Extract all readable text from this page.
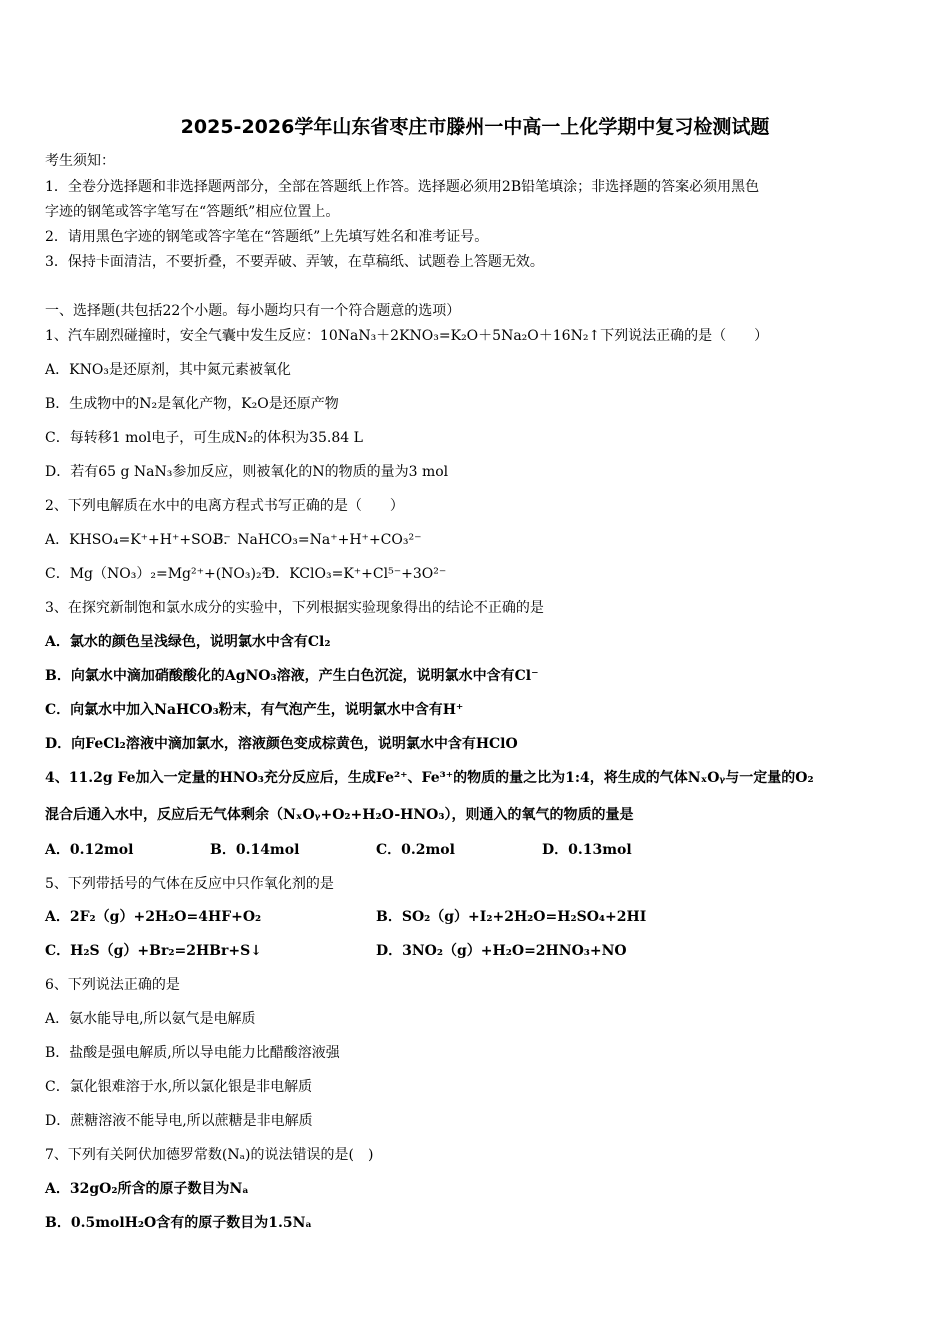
2025-2026学年山东省枣庄市滕州一中高一上化学期中复习检测试题
考生须知：
1．全卷分选择题和非选择题两部分，全部在答题纸上作答。选择题必须用2B铅笔填涂；非选择题的答案必须用黑色
字迹的钢笔或答字笔写在“答题纸”相应位置上。
2．请用黑色字迹的钢笔或答字笔在“答题纸”上先填写姓名和准考证号。
3．保持卡面清洁，不要折叠，不要弄破、弄皱，在草稿纸、试题卷上答题无效。
一、选择题(共包括22个小题。每小题均只有一个符合题意的选项）
1、汽车剧烈碰撞时，安全气囊中发生反应：10NaN₃＋2KNO₃=K₂O＋5Na₂O＋16N₂↑下列说法正确的是（　　）
A．KNO₃是还原剂，其中氮元素被氧化
B．生成物中的N₂是氧化产物，K₂O是还原产物
C．每转移1 mol电子，可生成N₂的体积为35.84 L
D．若有65 g NaN₃参加反应，则被氧化的N的物质的量为3 mol
2、下列电解质在水中的电离方程式书写正确的是（　　）
A．KHSO₄=K⁺+H⁺+SO₄²⁻
B．NaHCO₃=Na⁺+H⁺+CO₃²⁻
C．Mg（NO₃）₂=Mg²⁺+(NO₃)₂²⁻
D．KClO₃=K⁺+Cl⁵⁻+3O²⁻
3、在探究新制饱和氯水成分的实验中，下列根据实验现象得出的结论不正确的是
A．氯水的颜色呈浅绿色，说明氯水中含有Cl₂
B．向氯水中滴加硝酸酸化的AgNO₃溶液，产生白色沉淀，说明氯水中含有Cl⁻
C．向氯水中加入NaHCO₃粉末，有气泡产生，说明氯水中含有H⁺
D．向FeCl₂溶液中滴加氯水，溶液颜色变成棕黄色，说明氯水中含有HClO
4、11.2g Fe加入一定量的HNO₃充分反应后，生成Fe²⁺、Fe³⁺的物质的量之比为1:4，将生成的气体NₓOᵧ与一定量的O₂
混合后通入水中，反应后无气体剩余（NₓOᵧ+O₂+H₂O-HNO₃），则通入的氧气的物质的量是
A．0.12mol	B．0.14mol	C．0.2mol	D．0.13mol
5、下列带括号的气体在反应中只作氧化剂的是
A．2F₂（g）+2H₂O=4HF+O₂	B．SO₂（g）+I₂+2H₂O=H₂SO₄+2HI
C．H₂S（g）+Br₂=2HBr+S↓	D．3NO₂（g）+H₂O=2HNO₃+NO
6、下列说法正确的是
A．氨水能导电,所以氨气是电解质
B．盐酸是强电解质,所以导电能力比醋酸溶液强
C．氯化银难溶于水,所以氯化银是非电解质
D．蔗糖溶液不能导电,所以蔗糖是非电解质
7、下列有关阿伏加德罗常数(Nₐ)的说法错误的是(　)
A．32gO₂所含的原子数目为Nₐ
B．0.5molH₂O含有的原子数目为1.5Nₐ
